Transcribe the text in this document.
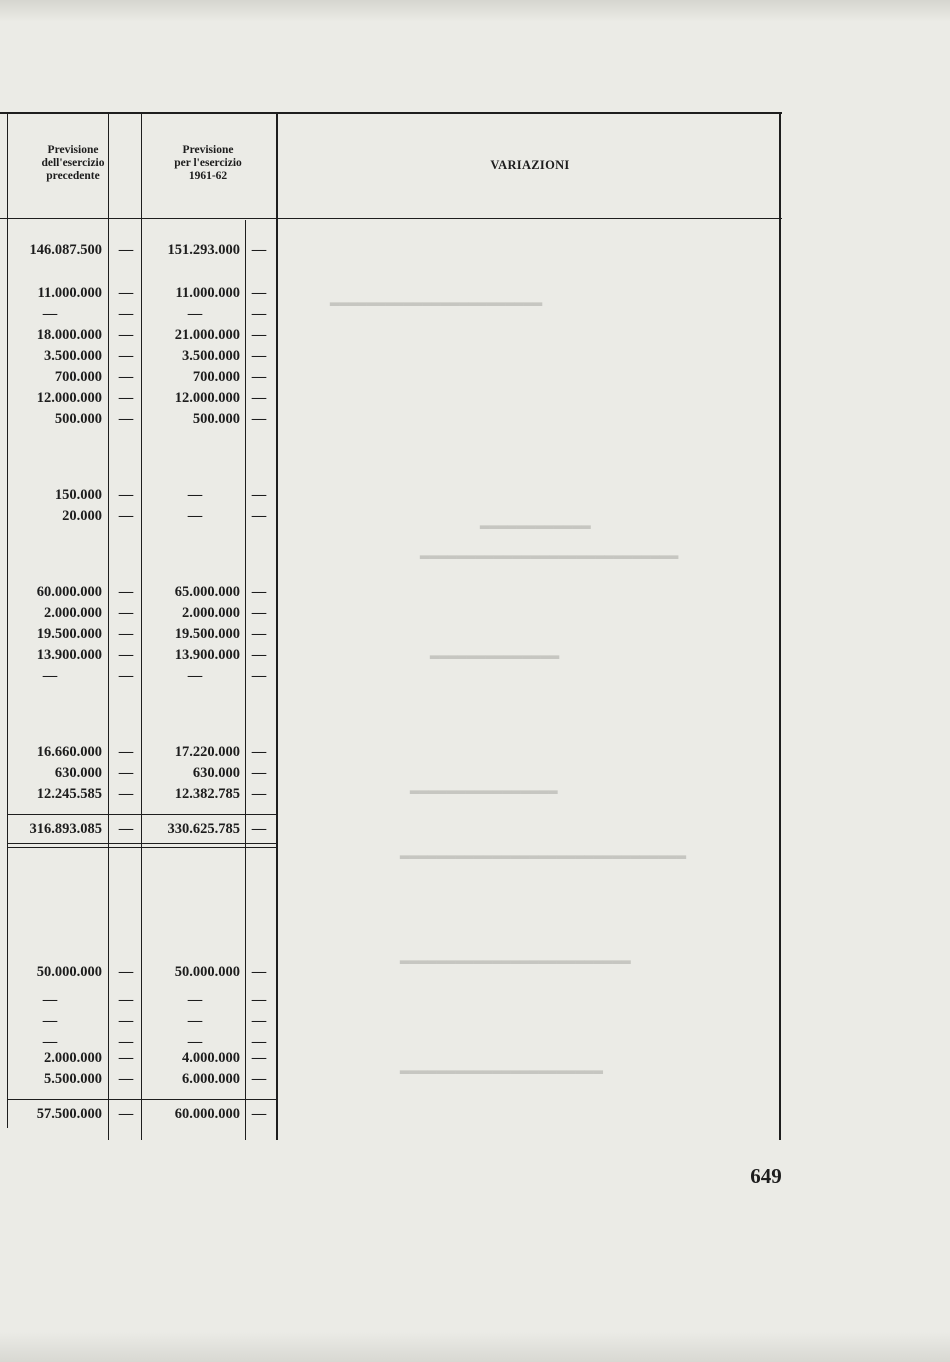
▂▂▂▂▂▂▂▂▂▂▂▂▂▂▂▂▂▂▂▂▂▂▂
▂▂▂▂▂▂▂▂▂▂▂▂
▂▂▂▂▂▂▂▂▂▂▂▂▂▂▂▂▂▂▂▂▂▂▂▂▂▂▂▂
▂▂▂▂▂▂▂▂▂▂▂▂▂▂
▂▂▂▂▂▂▂▂▂▂▂▂▂▂▂▂
▂▂▂▂▂▂▂▂▂▂▂▂▂▂▂▂▂▂▂▂▂▂▂▂▂▂▂▂▂▂▂
▂▂▂▂▂▂▂▂▂▂▂▂▂▂▂▂▂▂▂▂▂▂▂▂▂
▂▂▂▂▂▂▂▂▂▂▂▂▂▂▂▂▂▂▂▂▂▂
Previsione
dell'esercizio
precedente
Previsione
per l'esercizio
1961-62
VARIAZIONI
146.087.500	—	151.293.000 —
11.000.000	—	11.000.000 —
—	—	—	—
18.000.000	—	21.000.000 —
3.500.000	—	3.500.000 —
700.000	—	700.000 —
12.000.000	—	12.000.000 —
500.000	—	500.000 —
150.000	—	—	—
20.000	—	—	—
60.000.000	—	65.000.000 —
2.000.000	—	2.000.000 —
19.500.000	—	19.500.000 —
13.900.000	—	13.900.000 —
—	—	—	—
16.660.000	—	17.220.000 —
630.000	—	630.000 —
12.245.585	—	12.382.785 —
316.893.085	—	330.625.785 —
50.000.000	—	50.000.000 —
—	—	—	—
—	—	—	—
—	—	—	—
2.000.000	—	4.000.000 —
5.500.000	—	6.000.000 —
57.500.000	—	60.000.000 —
649
